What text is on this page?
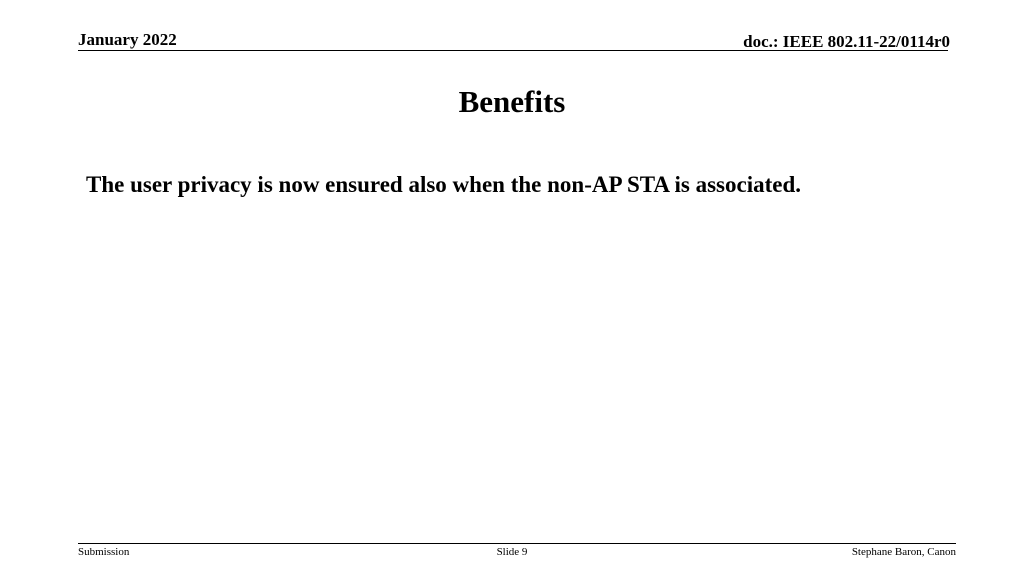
January 2022	doc.: IEEE 802.11-22/0114r0
Benefits
The user privacy is now ensured also when the non-AP STA is associated.
Submission	Slide 9	Stephane Baron, Canon
